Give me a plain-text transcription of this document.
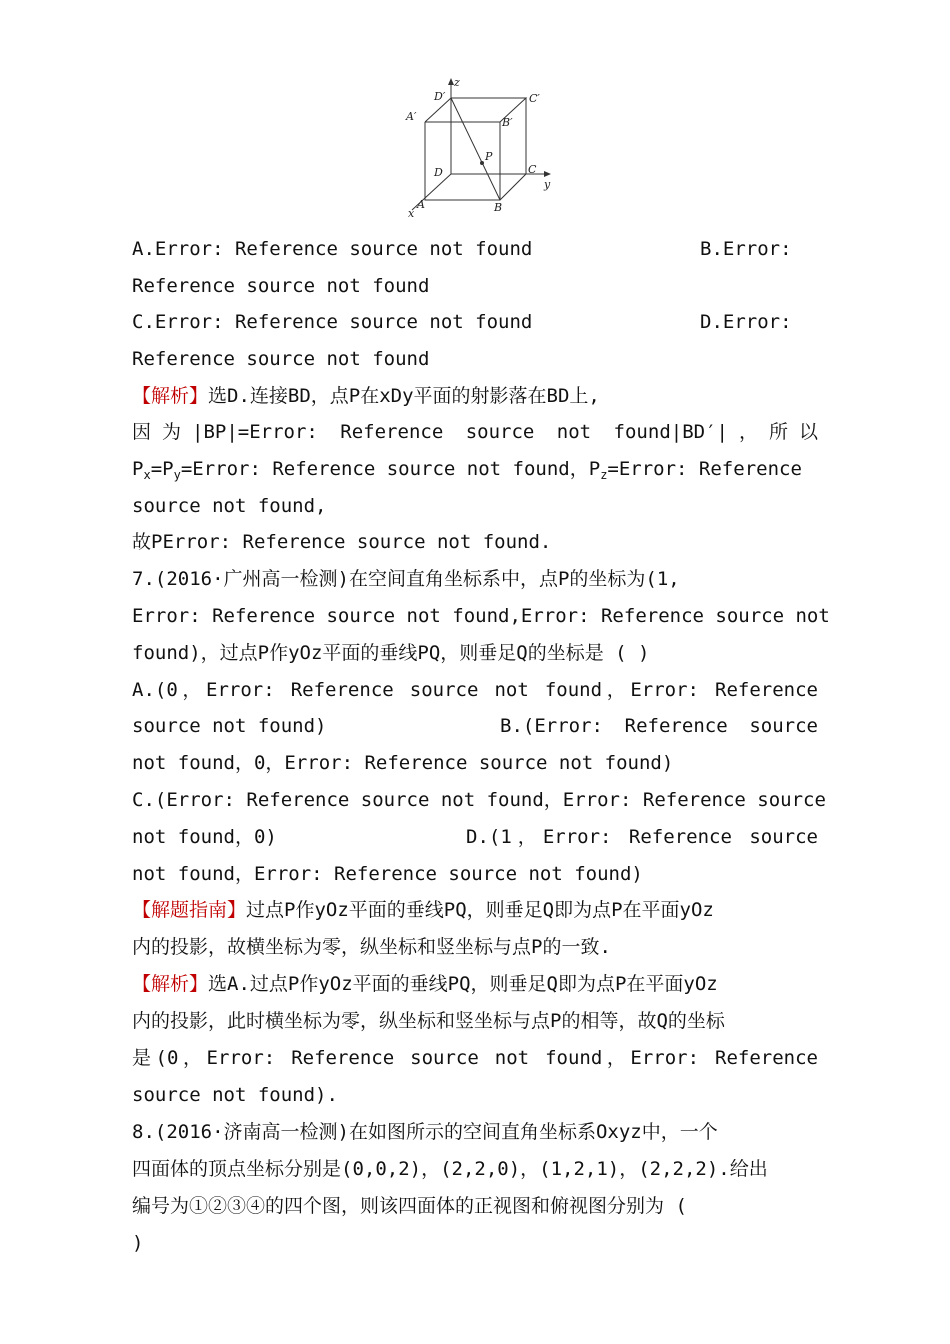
z
y
x
D′	C′
A′	B′
P
D	C
A	B
A.Error: Reference source not found	B.Error:
Reference source not found
C.Error: Reference source not found	D.Error:
Reference source not found
【解析】选D.连接BD，点P在xDy平面的射影落在BD上,
因为|BP|=Error: Reference source not found|BD′|，所以
$P_x=P_y=Error$: Reference source not found，$P_z=Error$: Reference
source not found,
故PError: Reference source not found.
7.(2016·广州高一检测)在空间直角坐标系中，点P的坐标为(1,
Error: Reference source not found,Error: Reference source not
found)，过点P作yOz平面的垂线PQ，则垂足Q的坐标是 ( )
A.(0，Error: Reference source not found，Error: Reference
source not found)	B.(Error: Reference source
not found，0，Error: Reference source not found)
C.(Error: Reference source not found，Error: Reference source
not found，0)	D.(1，Error: Reference source
not found，Error: Reference source not found)
【解题指南】过点P作yOz平面的垂线PQ，则垂足Q即为点P在平面yOz
内的投影，故横坐标为零，纵坐标和竖坐标与点P的一致.
【解析】选A.过点P作yOz平面的垂线PQ，则垂足Q即为点P在平面yOz
内的投影，此时横坐标为零，纵坐标和竖坐标与点P的相等，故Q的坐标
是(0，Error: Reference source not found，Error: Reference
source not found).
8.(2016·济南高一检测)在如图所示的空间直角坐标系Oxyz中，一个
四面体的顶点坐标分别是(0,0,2)，(2,2,0)，(1,2,1)，(2,2,2).给出
编号为①②③④的四个图，则该四面体的正视图和俯视图分别为 (
)
